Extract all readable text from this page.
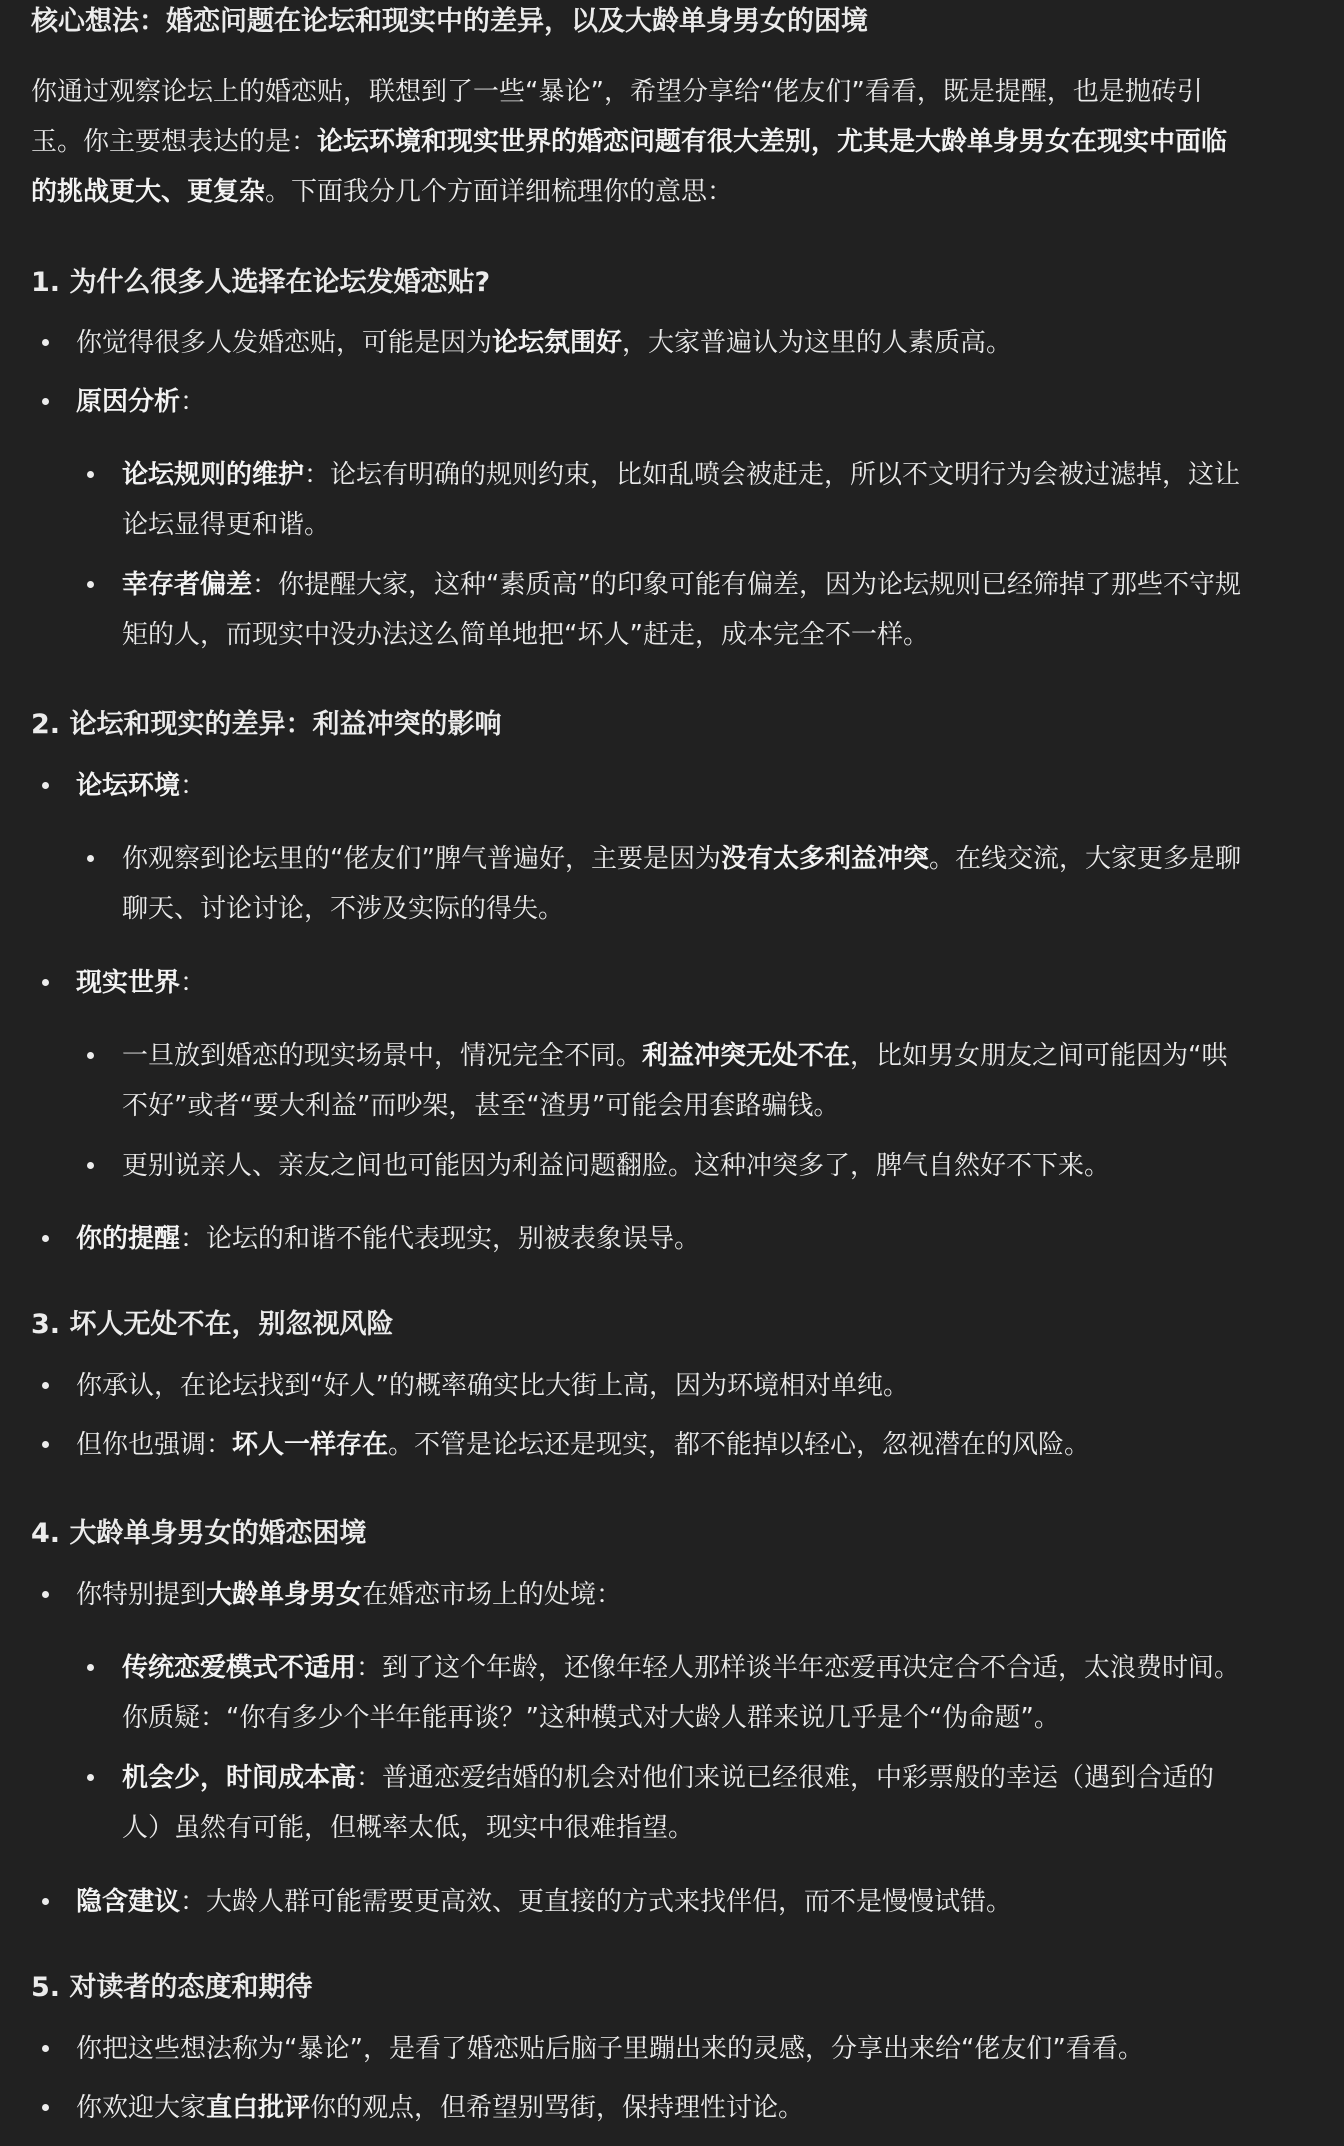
核心想法：婚恋问题在论坛和现实中的差异，以及大龄单身男女的困境
你通过观察论坛上的婚恋贴，联想到了一些“暴论”，希望分享给“佬友们”看看，既是提醒，也是抛砖引
玉。你主要想表达的是：论坛环境和现实世界的婚恋问题有很大差别，尤其是大龄单身男女在现实中面临
的挑战更大、更复杂。下面我分几个方面详细梳理你的意思：
1. 为什么很多人选择在论坛发婚恋贴?
你觉得很多人发婚恋贴，可能是因为论坛氛围好，大家普遍认为这里的人素质高。
原因分析：
论坛规则的维护：论坛有明确的规则约束，比如乱喷会被赶走，所以不文明行为会被过滤掉，这让
论坛显得更和谐。
幸存者偏差：你提醒大家，这种“素质高”的印象可能有偏差，因为论坛规则已经筛掉了那些不守规
矩的人，而现实中没办法这么简单地把“坏人”赶走，成本完全不一样。
2. 论坛和现实的差异：利益冲突的影响
论坛环境：
你观察到论坛里的“佬友们”脾气普遍好，主要是因为没有太多利益冲突。在线交流，大家更多是聊
聊天、讨论讨论，不涉及实际的得失。
现实世界：
一旦放到婚恋的现实场景中，情况完全不同。利益冲突无处不在，比如男女朋友之间可能因为“哄
不好”或者“要大利益”而吵架，甚至“渣男”可能会用套路骗钱。
更别说亲人、亲友之间也可能因为利益问题翻脸。这种冲突多了，脾气自然好不下来。
你的提醒：论坛的和谐不能代表现实，别被表象误导。
3. 坏人无处不在，别忽视风险
你承认，在论坛找到“好人”的概率确实比大街上高，因为环境相对单纯。
但你也强调：坏人一样存在。不管是论坛还是现实，都不能掉以轻心，忽视潜在的风险。
4. 大龄单身男女的婚恋困境
你特别提到大龄单身男女在婚恋市场上的处境：
传统恋爱模式不适用：到了这个年龄，还像年轻人那样谈半年恋爱再决定合不合适，太浪费时间。
你质疑：“你有多少个半年能再谈？”这种模式对大龄人群来说几乎是个“伪命题”。
机会少，时间成本高：普通恋爱结婚的机会对他们来说已经很难，中彩票般的幸运（遇到合适的
人）虽然有可能，但概率太低，现实中很难指望。
隐含建议：大龄人群可能需要更高效、更直接的方式来找伴侣，而不是慢慢试错。
5. 对读者的态度和期待
你把这些想法称为“暴论”，是看了婚恋贴后脑子里蹦出来的灵感，分享出来给“佬友们”看看。
你欢迎大家直白批评你的观点，但希望别骂街，保持理性讨论。
